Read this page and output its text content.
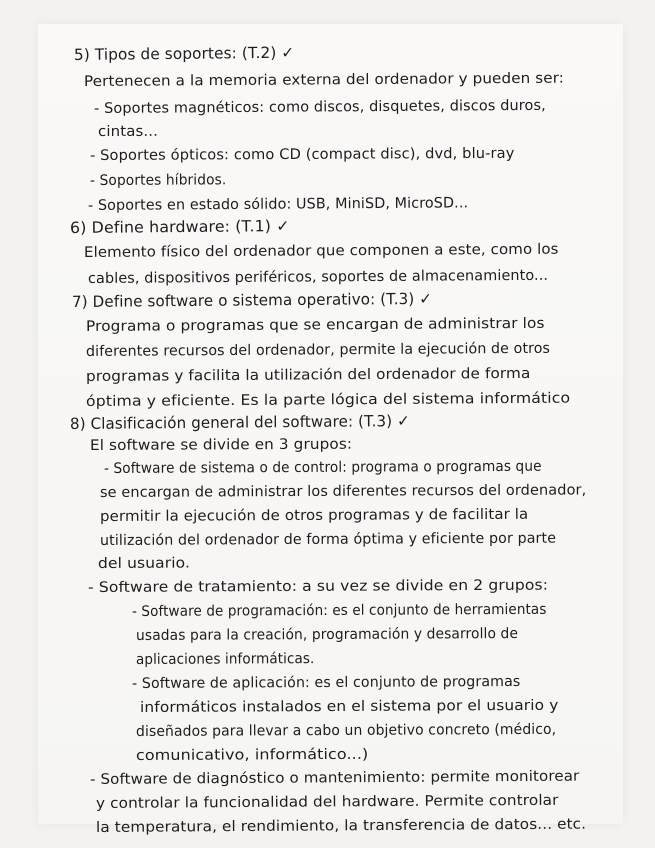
5) Tipos de soportes: (T.2) ✓
Pertenecen a la memoria externa del ordenador y pueden ser:
- Soportes magnéticos: como discos, disquetes, discos duros,
cintas...
- Soportes ópticos: como CD (compact disc), dvd, blu-ray
- Soportes híbridos.
- Soportes en estado sólido: USB, MiniSD, MicroSD...
6) Define hardware: (T.1) ✓
Elemento físico del ordenador que componen a este, como los
cables, dispositivos periféricos, soportes de almacenamiento...
7) Define software o sistema operativo: (T.3) ✓
Programa o programas que se encargan de administrar los
diferentes recursos del ordenador, permite la ejecución de otros
programas y facilita la utilización del ordenador de forma
óptima y eficiente. Es la parte lógica del sistema informático
8) Clasificación general del software: (T.3) ✓
El software se divide en 3 grupos:
- Software de sistema o de control: programa o programas que
se encargan de administrar los diferentes recursos del ordenador,
permitir la ejecución de otros programas y de facilitar la
utilización del ordenador de forma óptima y eficiente por parte
del usuario.
- Software de tratamiento: a su vez se divide en 2 grupos:
- Software de programación: es el conjunto de herramientas
usadas para la creación, programación y desarrollo de
aplicaciones informáticas.
- Software de aplicación: es el conjunto de programas
informáticos instalados en el sistema por el usuario y
diseñados para llevar a cabo un objetivo concreto (médico,
comunicativo, informático...)
- Software de diagnóstico o mantenimiento: permite monitorear
y controlar la funcionalidad del hardware. Permite controlar
la temperatura, el rendimiento, la transferencia de datos... etc.
